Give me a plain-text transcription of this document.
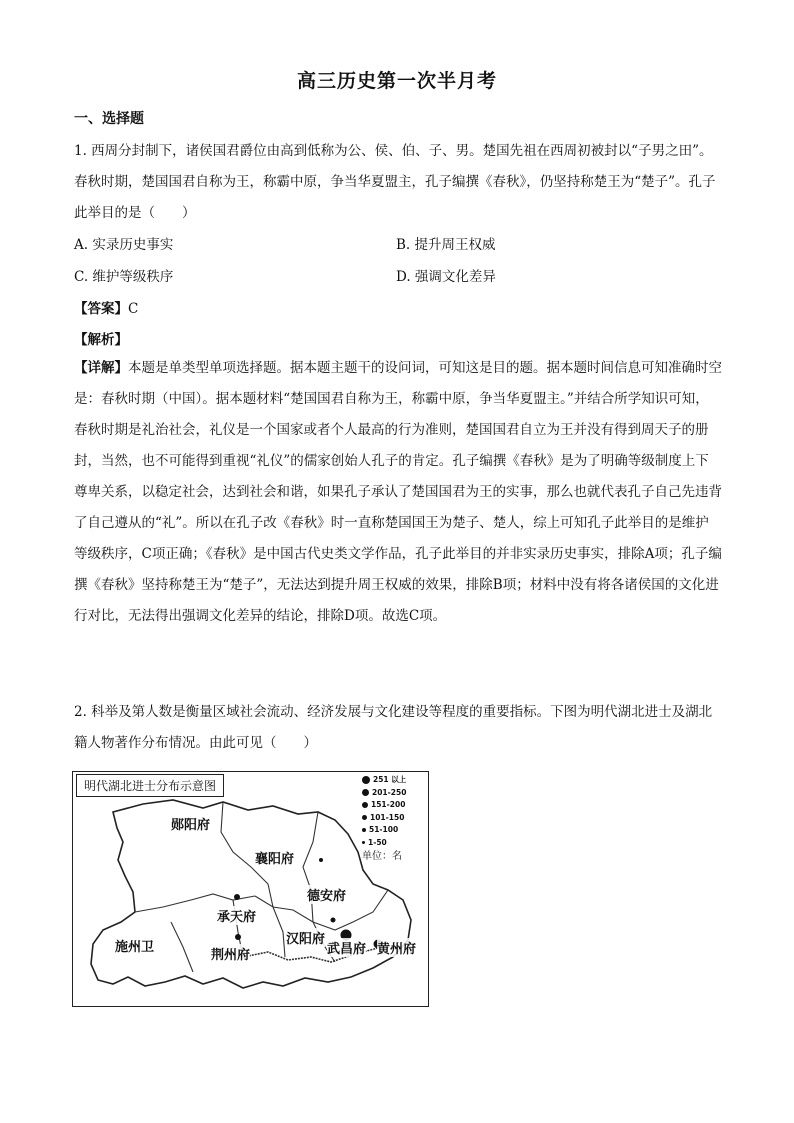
高三历史第一次半月考
一、选择题
1. 西周分封制下，诸侯国君爵位由高到低称为公、侯、伯、子、男。楚国先祖在西周初被封以“子男之田”。春秋时期，楚国国君自称为王，称霸中原，争当华夏盟主，孔子编撰《春秋》，仍坚持称楚王为“楚子”。孔子此举目的是（　　）
A. 实录历史事实	B. 提升周王权威
C. 维护等级秩序	D. 强调文化差异
【答案】C
【解析】
【详解】本题是单类型单项选择题。据本题主题干的设问词，可知这是目的题。据本题时间信息可知准确时空是：春秋时期（中国）。据本题材料“楚国国君自称为王，称霸中原，争当华夏盟主。”并结合所学知识可知，春秋时期是礼治社会，礼仪是一个国家或者个人最高的行为准则，楚国国君自立为王并没有得到周天子的册封，当然，也不可能得到重视“礼仪”的儒家创始人孔子的肯定。孔子编撰《春秋》是为了明确等级制度上下尊卑关系，以稳定社会，达到社会和谐，如果孔子承认了楚国国君为王的实事，那么也就代表孔子自己先违背了自己遵从的“礼”。所以在孔子改《春秋》时一直称楚国国王为楚子、楚人，综上可知孔子此举目的是维护等级秩序，C项正确；《春秋》是中国古代史类文学作品，孔子此举目的并非实录历史事实，排除A项；孔子编撰《春秋》坚持称楚王为“楚子”，无法达到提升周王权威的效果，排除B项；材料中没有将各诸侯国的文化进行对比，无法得出强调文化差异的结论，排除D项。故选C项。
2. 科举及第人数是衡量区域社会流动、经济发展与文化建设等程度的重要指标。下图为明代湖北进士及湖北籍人物著作分布情况。由此可见（　　）
明代湖北进士分布示意图	251 以上
201-250
151-200
101-150
51-100
1-50
单位：名
郧阳府
襄阳府
德安府
承天府
汉阳府
武昌府 黄州府
施州卫
荆州府
